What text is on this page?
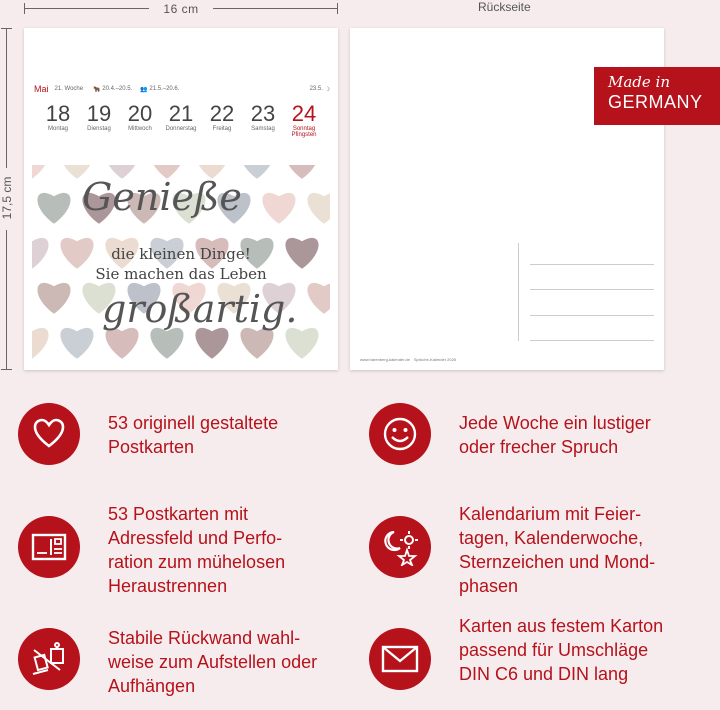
16 cm
17,5 cm
Rückseite
Mai 21. Woche 🐂 20.4.–20.5. 👥 21.5.–20.6.	23.5. ☽
18
Montag
19
Dienstag
20
Mittwoch
21
Donnerstag
22
Freitag
23
Samstag
24
Sonntag
Pfingsten
Genieße
die kleinen Dinge!
Sie machen das Leben
großartig.
www.harenberg-kalender.de Sprüche-Kalender 2026
Made in
GERMANY
53 originell gestaltete Postkarten
Jede Woche ein lustiger oder frecher Spruch
53 Postkarten mit Adressfeld und Perforation zum mühelosen Heraustrennen
Kalendarium mit Feiertagen, Kalenderwoche, Sternzeichen und Mondphasen
Stabile Rückwand wahlweise zum Aufstellen oder Aufhängen
Karten aus festem Karton passend für Umschläge DIN C6 und DIN lang
